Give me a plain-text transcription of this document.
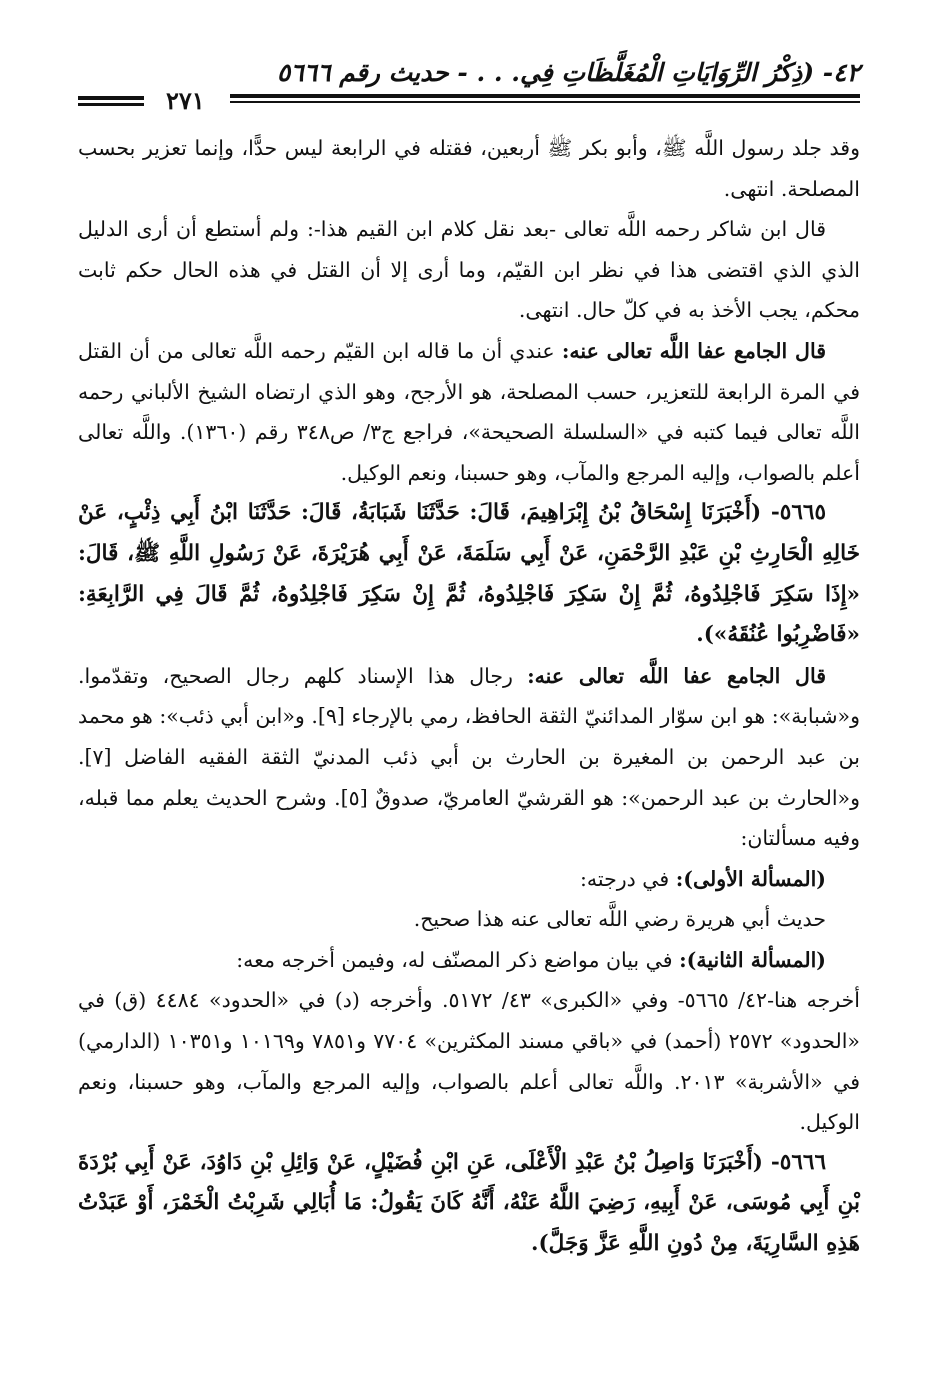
٤٢- (ذِكْرُ الرِّوَايَاتِ الْمُغَلَّظَاتِ فِي. . . - حديث رقم ٥٦٦٦
٢٧١

وقد جلد رسول اللَّه ﷺ، وأبو بكر ﷺ أربعين، فقتله في الرابعة ليس حدًّا، وإنما تعزير بحسب المصلحة. انتهى.

قال ابن شاكر رحمه اللَّه تعالى -بعد نقل كلام ابن القيم هذا-: ولم أستطع أن أرى الدليل الذي الذي اقتضى هذا في نظر ابن القيّم، وما أرى إلا أن القتل في هذه الحال حكم ثابت محكم، يجب الأخذ به في كلّ حال. انتهى.

قال الجامع عفا اللَّه تعالى عنه: عندي أن ما قاله ابن القيّم رحمه اللَّه تعالى من أن القتل في المرة الرابعة للتعزير، حسب المصلحة، هو الأرجح، وهو الذي ارتضاه الشيخ الألباني رحمه اللَّه تعالى فيما كتبه في «السلسلة الصحيحة»، فراجع ج٣/ ص٣٤٨ رقم (١٣٦٠). واللَّه تعالى أعلم بالصواب، وإليه المرجع والمآب، وهو حسبنا، ونعم الوكيل.

٥٦٦٥- (أَخْبَرَنَا إِسْحَاقُ بْنُ إِبْرَاهِيمَ، قَالَ: حَدَّثَنَا شَبَابَةُ، قَالَ: حَدَّثَنَا ابْنُ أَبِي ذِئْبٍ، عَنْ خَالِهِ الْحَارِثِ بْنِ عَبْدِ الرَّحْمَنِ، عَنْ أَبِي سَلَمَةَ، عَنْ أَبِي هُرَيْرَةَ، عَنْ رَسُولِ اللَّهِ ﷺ، قَالَ: «إِذَا سَكِرَ فَاجْلِدُوهُ، ثُمَّ إِنْ سَكِرَ فَاجْلِدُوهُ، ثُمَّ إِنْ سَكِرَ فَاجْلِدُوهُ، ثُمَّ قَالَ فِي الرَّابِعَةِ: «فَاضْرِبُوا عُنُقَهُ»).

قال الجامع عفا اللَّه تعالى عنه: رجال هذا الإسناد كلهم رجال الصحيح، وتقدّموا. و«شبابة»: هو ابن سوّار المدائنيّ الثقة الحافظ، رمي بالإرجاء [٩]. و«ابن أبي ذئب»: هو محمد بن عبد الرحمن بن المغيرة بن الحارث بن أبي ذئب المدنيّ الثقة الفقيه الفاضل [٧]. و«الحارث بن عبد الرحمن»: هو القرشيّ العامريّ، صدوقٌ [٥]. وشرح الحديث يعلم مما قبله، وفيه مسألتان:

(المسألة الأولى): في درجته:

حديث أبي هريرة رضي اللَّه تعالى عنه هذا صحيح.

(المسألة الثانية): في بيان مواضع ذكر المصنّف له، وفيمن أخرجه معه:

أخرجه هنا-٤٢/ ٥٦٦٥- وفي «الكبرى» ٤٣/ ٥١٧٢. وأخرجه (د) في «الحدود» ٤٤٨٤ (ق) في «الحدود» ٢٥٧٢ (أحمد) في «باقي مسند المكثرين» ٧٧٠٤ و٧٨٥١ و١٠١٦٩ و١٠٣٥١ (الدارمي) في «الأشربة» ٢٠١٣. واللَّه تعالى أعلم بالصواب، وإليه المرجع والمآب، وهو حسبنا، ونعم الوكيل.

٥٦٦٦- (أَخْبَرَنَا وَاصِلُ بْنُ عَبْدِ الْأَعْلَى، عَنِ ابْنِ فُضَيْلٍ، عَنْ وَائِلِ بْنِ دَاوُدَ، عَنْ أَبِي بُرْدَةَ بْنِ أَبِي مُوسَى، عَنْ أَبِيهِ، رَضِيَ اللَّهُ عَنْهُ، أَنَّهُ كَانَ يَقُولُ: مَا أُبَالِي شَرِبْتُ الْخَمْرَ، أَوْ عَبَدْتُ هَذِهِ السَّارِيَةَ، مِنْ دُونِ اللَّهِ عَزَّ وَجَلَّ).
